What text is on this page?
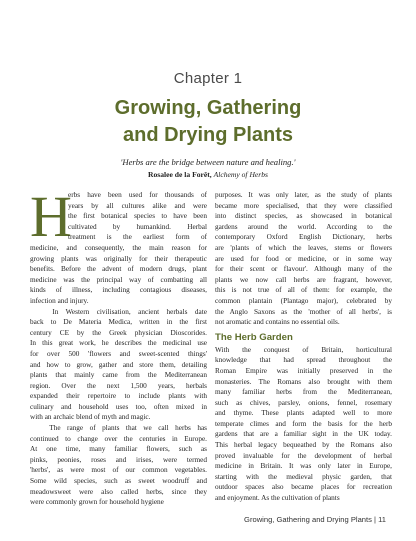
Chapter 1
Growing, Gathering
and Drying Plants
'Herbs are the bridge between nature and healing.'
Rosalee de la Forêt, Alchemy of Herbs
H
erbs have been used for thousands of
years by all cultures alike and were
the first botanical species to have been
cultivated by humankind. Herbal
treatment is the earliest form of
medicine, and consequently, the main reason for
growing plants was originally for their therapeutic
benefits. Before the advent of modern drugs, plant
medicine was the principal way of combatting all
kinds of illness, including contagious diseases,
infection and injury.
In Western civilisation, ancient herbals date
back to De Materia Medica, written in the first
century CE by the Greek physician Dioscorides.
In this great work, he describes the medicinal use
for over 500 'flowers and sweet-scented things'
and how to grow, gather and store them, detailing
plants that mainly came from the Mediterranean
region. Over the next 1,500 years, herbals
expanded their repertoire to include plants with
culinary and household uses too, often mixed in
with an archaic blend of myth and magic.
The range of plants that we call herbs has
continued to change over the centuries in Europe.
At one time, many familiar flowers, such as
pinks, peonies, roses and irises, were termed
'herbs', as were most of our common vegetables.
Some wild species, such as sweet woodruff and
meadowsweet were also called herbs, since they
were commonly grown for household hygiene
purposes. It was only later, as the study of plants
became more specialised, that they were classified
into distinct species, as showcased in botanical
gardens around the world. According to the
contemporary Oxford English Dictionary, herbs
are 'plants of which the leaves, stems or flowers
are used for food or medicine, or in some way
for their scent or flavour'. Although many of the
plants we now call herbs are fragrant, however,
this is not true of all of them: for example, the
common plantain (Plantago major), celebrated by
the Anglo Saxons as the 'mother of all herbs', is
not aromatic and contains no essential oils.
The Herb Garden
With the conquest of Britain, horticultural
knowledge that had spread throughout the
Roman Empire was initially preserved in the
monasteries. The Romans also brought with them
many familiar herbs from the Mediterranean,
such as chives, parsley, onions, fennel, rosemary
and thyme. These plants adapted well to more
temperate climes and form the basis for the herb
gardens that are a familiar sight in the UK today.
This herbal legacy bequeathed by the Romans also
proved invaluable for the development of herbal
medicine in Britain. It was only later in Europe,
starting with the medieval physic garden, that
outdoor spaces also became places for recreation
and enjoyment. As the cultivation of plants
Growing, Gathering and Drying Plants | 11
